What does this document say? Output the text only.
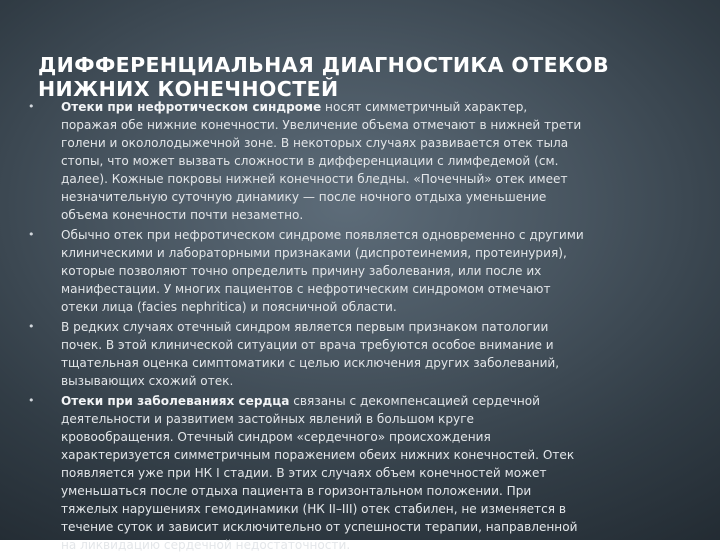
ДИФФЕРЕНЦИАЛЬНАЯ ДИАГНОСТИКА ОТЕКОВ
НИЖНИХ КОНЕЧНОСТЕЙ
• Отеки при нефротическом синдроме носят симметричный характер,
поражая обе нижние конечности. Увеличение объема отмечают в нижней трети
голени и окололодыжечной зоне. В некоторых случаях развивается отек тыла
стопы, что может вызвать сложности в дифференциации с лимфедемой (см.
далее). Кожные покровы нижней конечности бледны. «Почечный» отек имеет
незначительную суточную динамику — после ночного отдыха уменьшение
объема конечности почти незаметно.
• Обычно отек при нефротическом синдроме появляется одновременно с другими
клиническими и лабораторными признаками (диспротеинемия, протеинурия),
которые позволяют точно определить причину заболевания, или после их
манифестации. У многих пациентов с нефротическим синдромом отмечают
отеки лица (facies nephritica) и поясничной области.
• В редких случаях отечный синдром является первым признаком патологии
почек. В этой клинической ситуации от врача требуются особое внимание и
тщательная оценка симптоматики с целью исключения других заболеваний,
вызывающих схожий отек.
• Отеки при заболеваниях сердца связаны с декомпенсацией сердечной
деятельности и развитием застойных явлений в большом круге
кровообращения. Отечный синдром «сердечного» происхождения
характеризуется симметричным поражением обеих нижних конечностей. Отек
появляется уже при НК I стадии. В этих случаях объем конечностей может
уменьшаться после отдыха пациента в горизонтальном положении. При
тяжелых нарушениях гемодинамики (НК II–III) отек стабилен, не изменяется в
течение суток и зависит исключительно от успешности терапии, направленной
на ликвидацию сердечной недостаточности.
